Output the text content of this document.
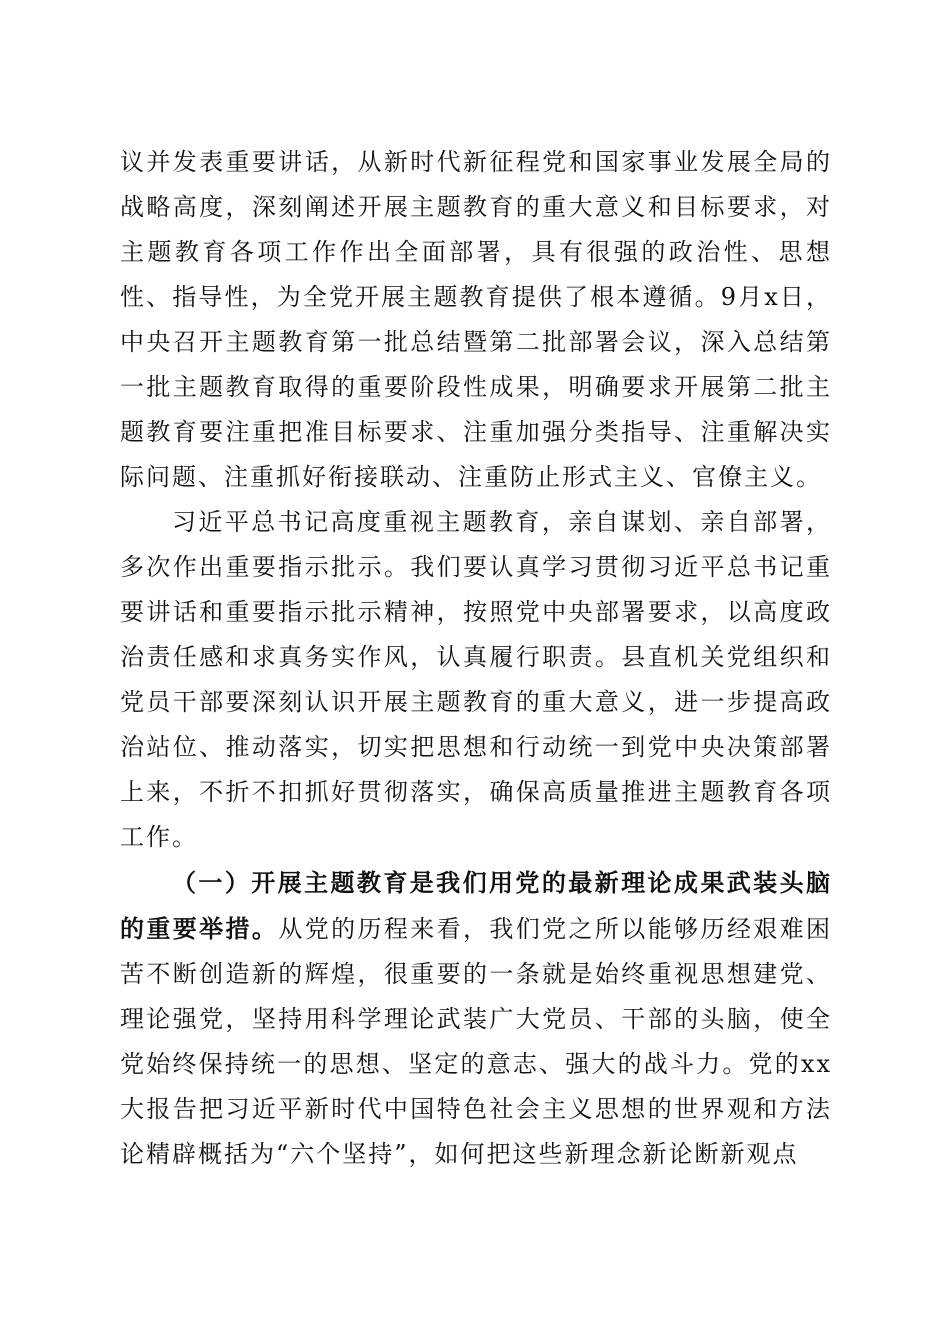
议并发表重要讲话，从新时代新征程党和国家事业发展全局的战略高度，深刻阐述开展主题教育的重大意义和目标要求，对主题教育各项工作作出全面部署，具有很强的政治性、思想性、指导性，为全党开展主题教育提供了根本遵循。9月x日，中央召开主题教育第一批总结暨第二批部署会议，深入总结第一批主题教育取得的重要阶段性成果，明确要求开展第二批主题教育要注重把准目标要求、注重加强分类指导、注重解决实际问题、注重抓好衔接联动、注重防止形式主义、官僚主义。

习近平总书记高度重视主题教育，亲自谋划、亲自部署，多次作出重要指示批示。我们要认真学习贯彻习近平总书记重要讲话和重要指示批示精神，按照党中央部署要求，以高度政治责任感和求真务实作风，认真履行职责。县直机关党组织和党员干部要深刻认识开展主题教育的重大意义，进一步提高政治站位、推动落实，切实把思想和行动统一到党中央决策部署上来，不折不扣抓好贯彻落实，确保高质量推进主题教育各项工作。

（一）开展主题教育是我们用党的最新理论成果武装头脑的重要举措。从党的历程来看，我们党之所以能够历经艰难困苦不断创造新的辉煌，很重要的一条就是始终重视思想建党、理论强党，坚持用科学理论武装广大党员、干部的头脑，使全党始终保持统一的思想、坚定的意志、强大的战斗力。党的xx大报告把习近平新时代中国特色社会主义思想的世界观和方法论精辟概括为“六个坚持”，如何把这些新理念新论断新观点
